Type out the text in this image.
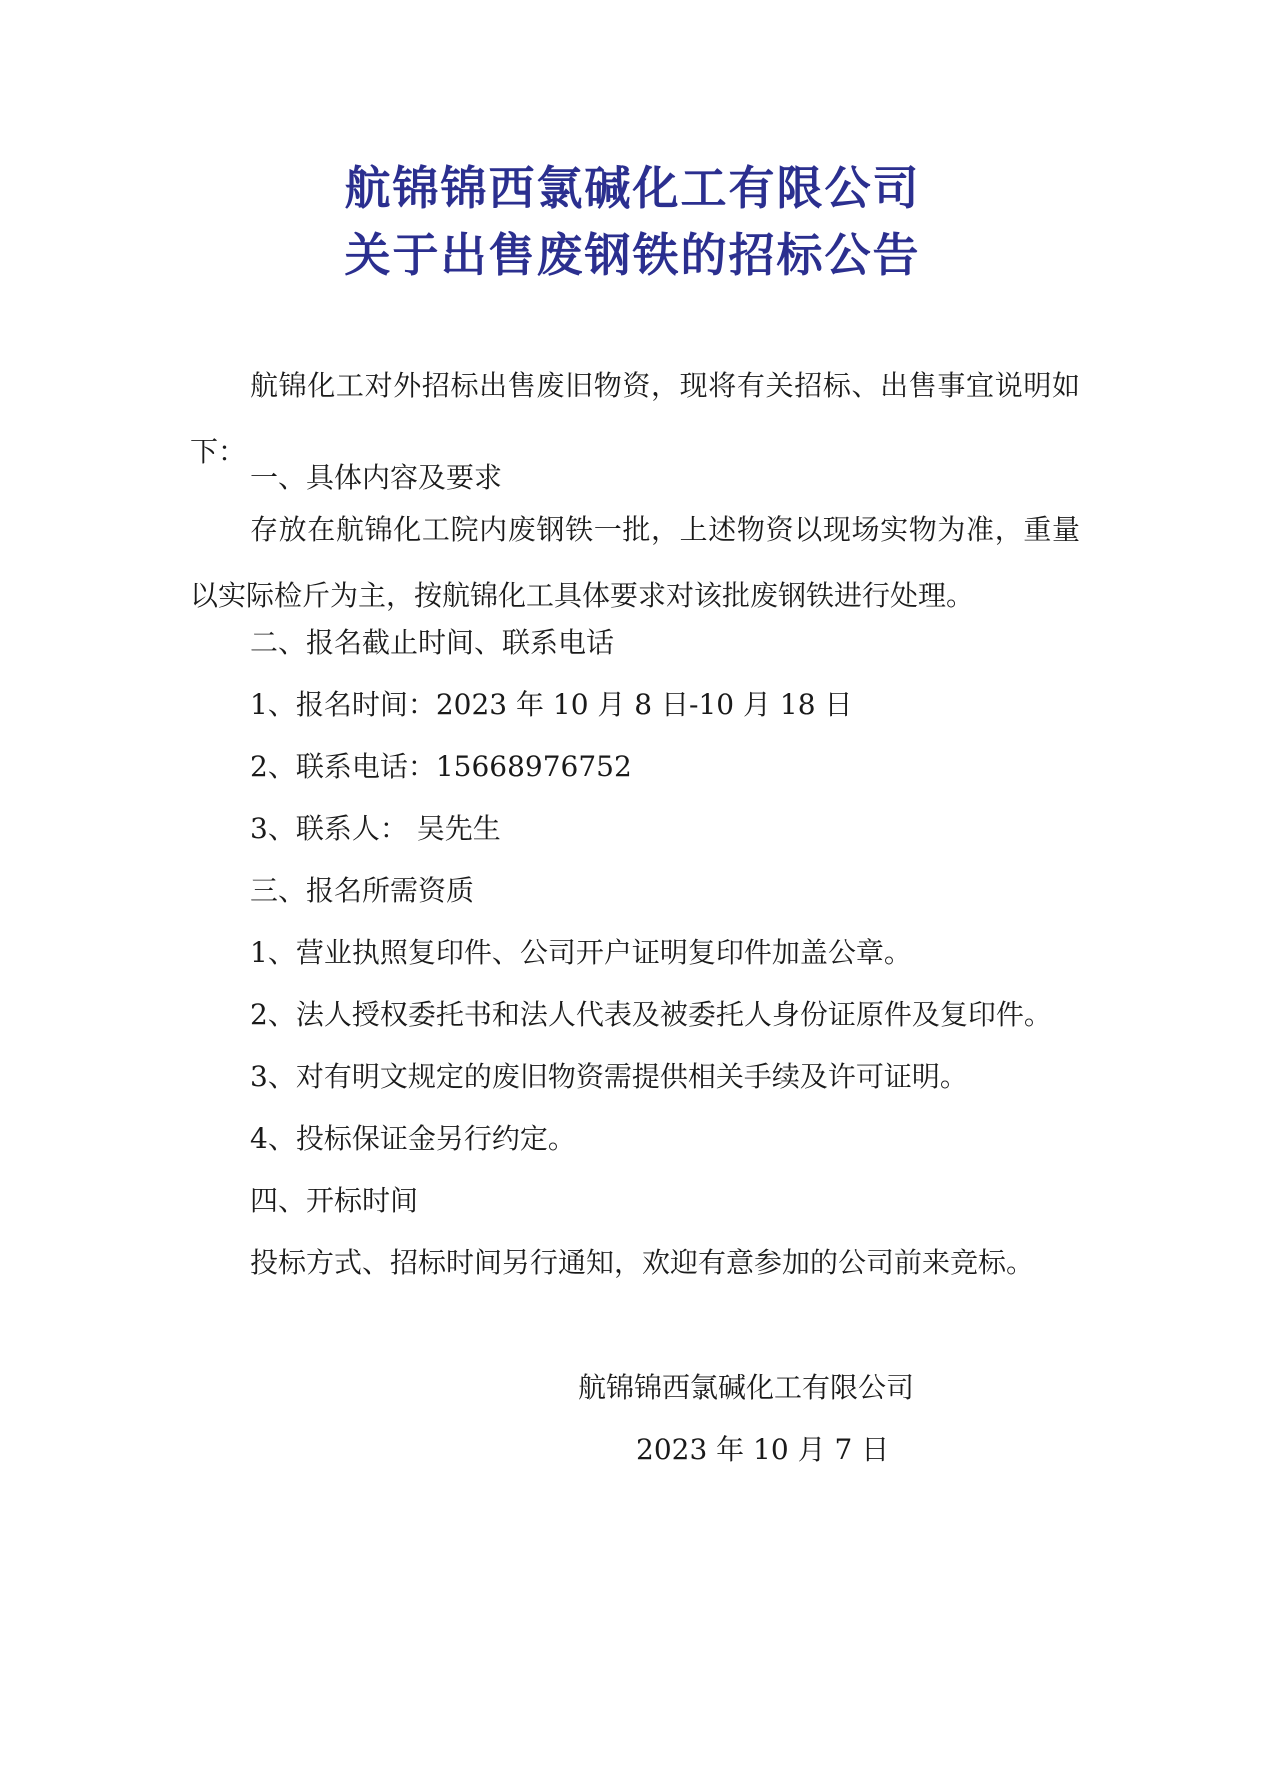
航锦锦西氯碱化工有限公司
关于出售废钢铁的招标公告

航锦化工对外招标出售废旧物资，现将有关招标、出售事宜说明如下：

一、具体内容及要求

存放在航锦化工院内废钢铁一批，上述物资以现场实物为准，重量以实际检斤为主，按航锦化工具体要求对该批废钢铁进行处理。

二、报名截止时间、联系电话

1、报名时间：2023 年 10 月 8 日-10 月 18 日

2、联系电话：15668976752

3、联系人： 吴先生

三、报名所需资质

1、营业执照复印件、公司开户证明复印件加盖公章。

2、法人授权委托书和法人代表及被委托人身份证原件及复印件。

3、对有明文规定的废旧物资需提供相关手续及许可证明。

4、投标保证金另行约定。

四、开标时间

投标方式、招标时间另行通知，欢迎有意参加的公司前来竞标。

航锦锦西氯碱化工有限公司

2023 年 10 月 7 日
